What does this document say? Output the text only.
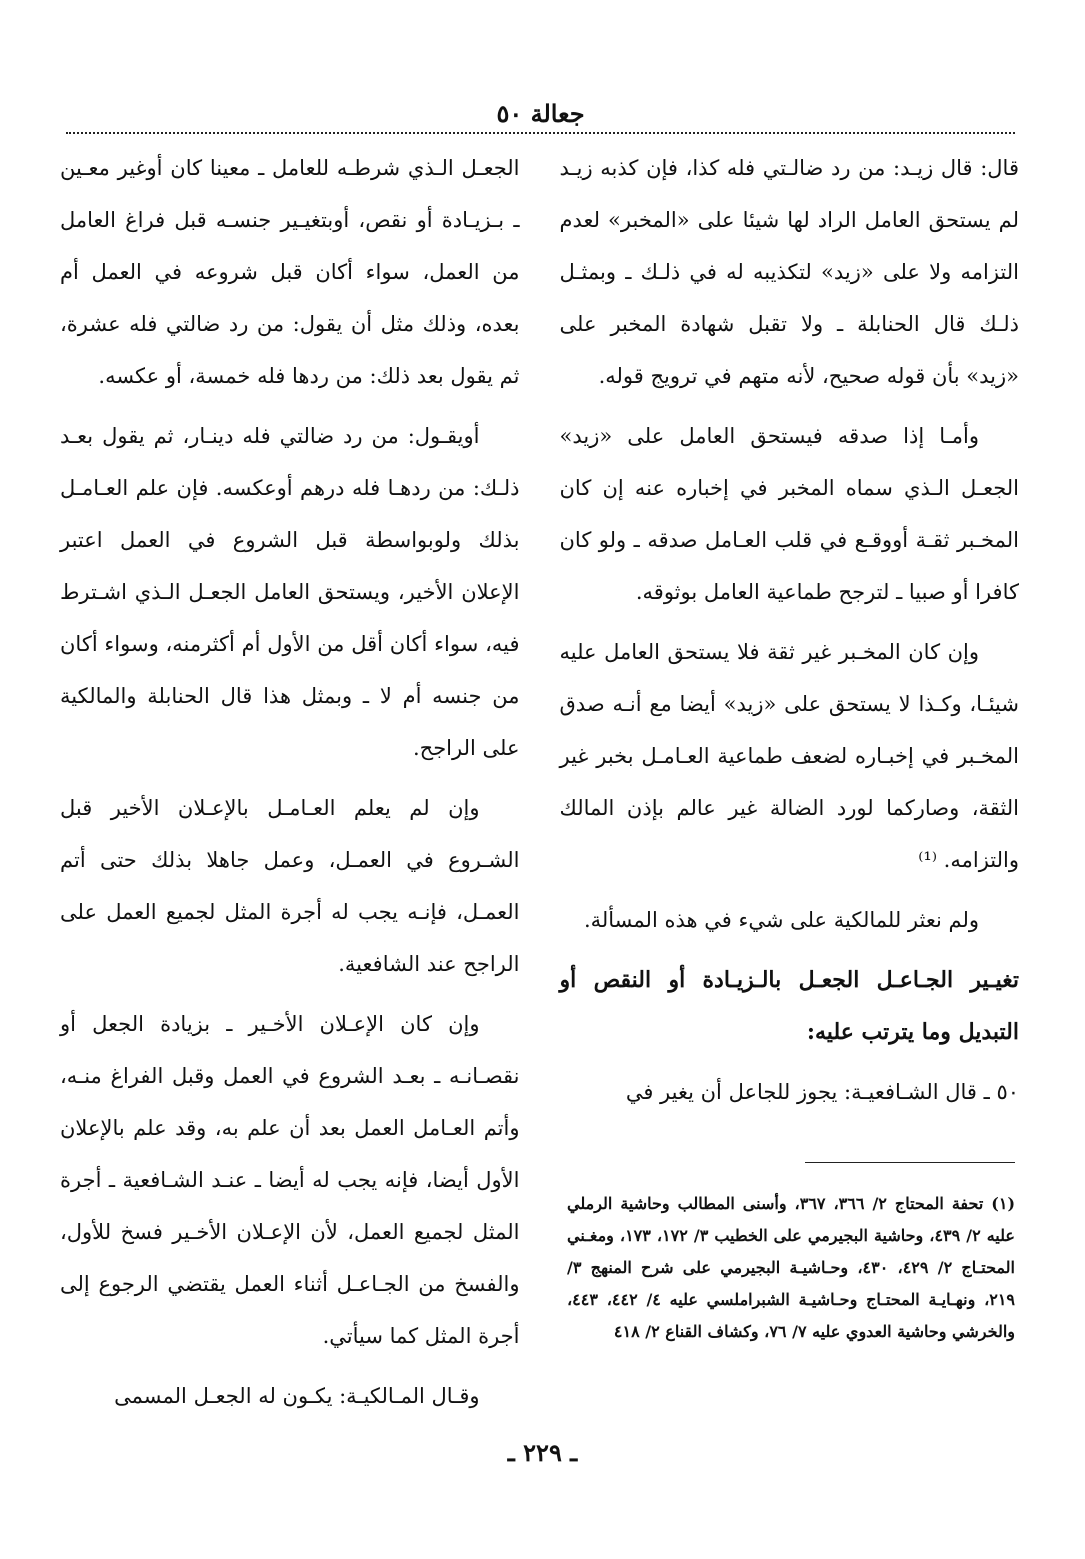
جعالة ٥٠

قال: قال زيـد: من رد ضالـتي فله كذا، فإن كذبه زيـد لم يستحق العامل الراد لها شيئا على «المخبر» لعدم التزامه ولا على «زيد» لتكذيبه له في ذلـك ـ وبمثـل ذلـك قال الحنابلة ـ ولا تقبل شهادة المخبر على «زيد» بأن قوله صحيح، لأنه متهم في ترويج قوله.

وأمـا إذا صدقه فيستحق العامل على «زيد» الجعـل الـذي سماه المخبر في إخباره عنه إن كان المخـبر ثقـة أووقـع في قلب العـامل صدقه ـ ولو كان كافرا أو صبيا ـ لترجح طماعية العامل بوثوقه.

وإن كان المخـبر غير ثقة فلا يستحق العامل عليه شيئـا، وكـذا لا يستحق على «زيد» أيضا مع أنـه صدق المخـبر في إخبـاره لضعف طماعية العـامـل بخبر غير الثقة، وصاركما لورد الضالة غير عالم بإذن المالك والتزامه. ⁽¹⁾

ولم نعثر للمالكية على شيء في هذه المسألة.

تغيـير الجـاعـل الجعـل بالـزيـادة أو النقص أو التبديل وما يترتب عليه:

٥٠ ـ قال الشـافعيـة: يجوز للجاعل أن يغير في

الجعـل الـذي شرطـه للعامل ـ معينا كان أوغير معـين ـ بـزيـادة أو نقص، أوبتغيـير جنسـه قبل فراغ العامل من العمل، سواء أكان قبل شروعه في العمل أم بعده، وذلك مثل أن يقول: من رد ضالتي فله عشرة، ثم يقول بعد ذلك: من ردها فله خمسة، أو عكسه.

أويقـول: من رد ضالتي فله دينـار، ثم يقول بعـد ذلـك: من ردهـا فله درهم أوعكسه. فإن علم العـامـل بذلك ولوبواسطة قبل الشروع في العمل اعتبر الإعلان الأخير، ويستحق العامل الجعـل الـذي اشـترط فيه، سواء أكان أقل من الأول أم أكثرمنه، وسواء أكان من جنسه أم لا ـ وبمثل هذا قال الحنابلة والمالكية على الراجح.

وإن لم يعلم العـامـل بالإعـلان الأخير قبل الشـروع في العمـل، وعمل جاهلا بذلك حتى أتم العمـل، فإنـه يجب له أجرة المثل لجميع العمل على الراجح عند الشافعية.

وإن كان الإعـلان الأخـير ـ بزيادة الجعل أو نقصـانـه ـ بعـد الشروع في العمل وقبل الفراغ منـه، وأتم العـامل العمل بعد أن علم به، وقد علم بالإعلان الأول أيضا، فإنه يجب له أيضا ـ عنـد الشـافعية ـ أجرة المثل لجميع العمل، لأن الإعـلان الأخـير فسخ للأول، والفسخ من الجـاعـل أثناء العمل يقتضي الرجوع إلى أجرة المثل كما سيأتي.

وقـال المـالكيـة: يكـون له الجعـل المسمى

(١) تحفة المحتاج ٢/ ٣٦٦، ٣٦٧، وأسنى المطالب وحاشية الرملي عليه ٢/ ٤٣٩، وحاشية البجيرمي على الخطيب ٣/ ١٧٢، ١٧٣، ومغـني المحتـاج ٢/ ٤٢٩، ٤٣٠، وحـاشيـة البجيرمي على شرح المنهج ٣/ ٢١٩، ونهـايـة المحتـاج وحـاشيـة الشبراملسي عليه ٤/ ٤٤٢، ٤٤٣، والخرشي وحاشية العدوي عليه ٧/ ٧٦، وكشاف القناع ٢/ ٤١٨

ـ ٢٢٩ ـ
